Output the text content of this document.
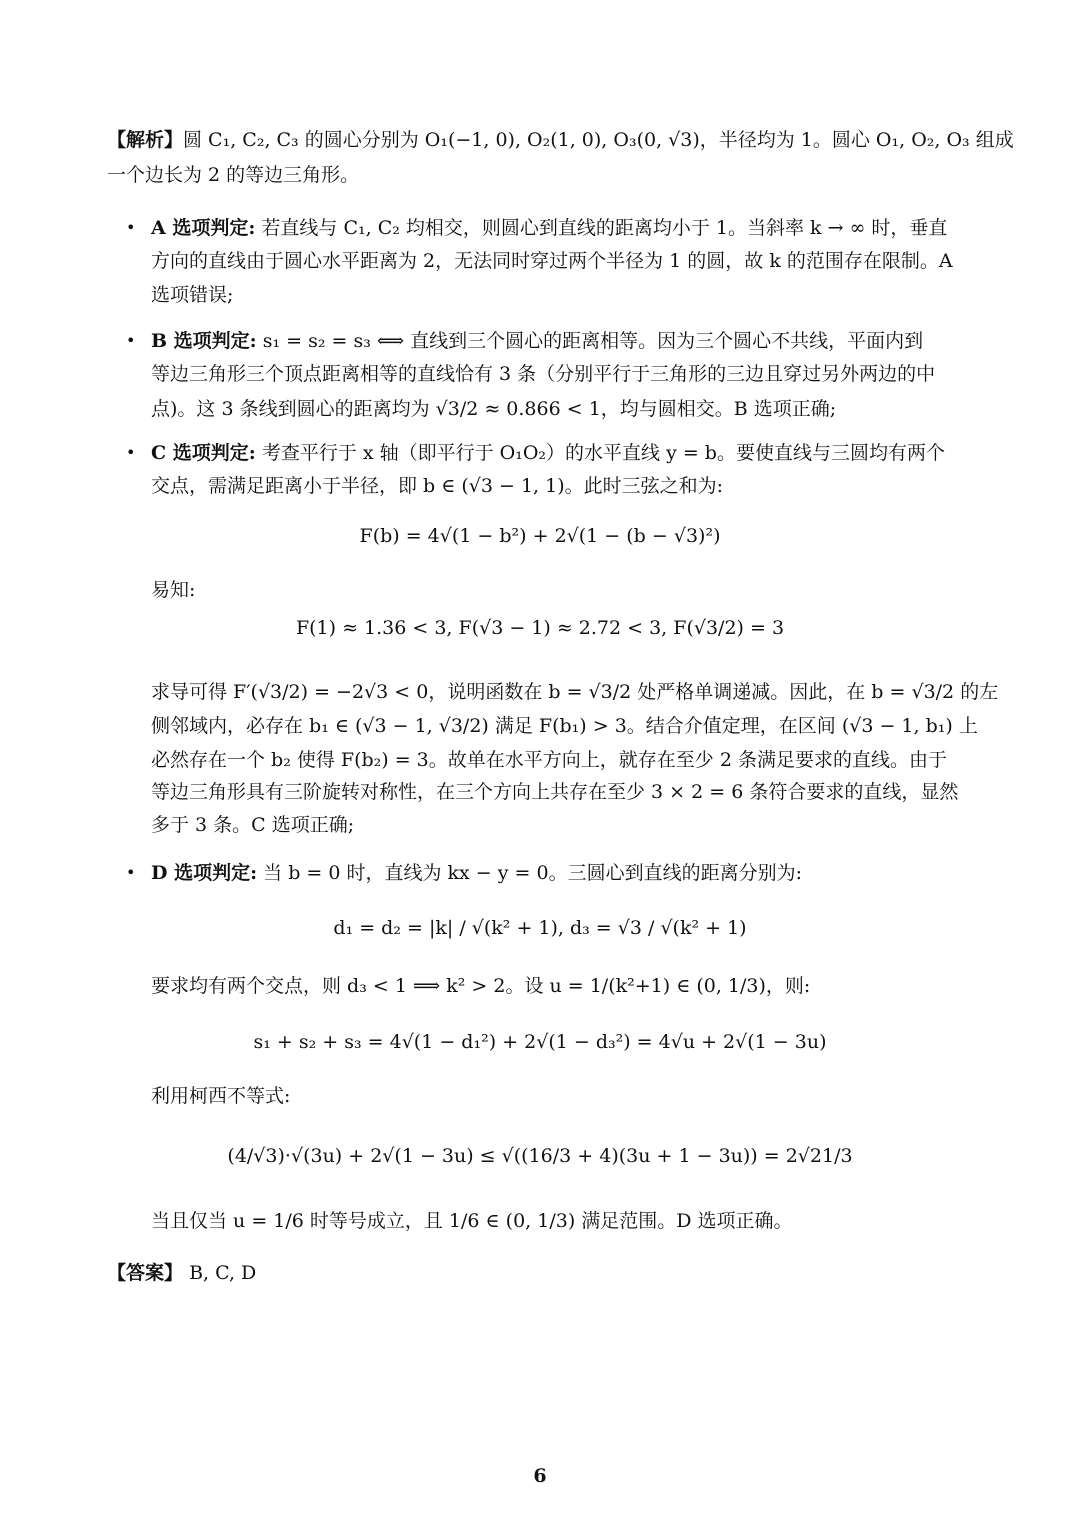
【解析】圆 C₁, C₂, C₃ 的圆心分别为 O₁(−1, 0), O₂(1, 0), O₃(0, √3)，半径均为 1。圆心 O₁, O₂, O₃ 组成
一个边长为 2 的等边三角形。
• A 选项判定: 若直线与 C₁, C₂ 均相交，则圆心到直线的距离均小于 1。当斜率 k → ∞ 时，垂直
方向的直线由于圆心水平距离为 2，无法同时穿过两个半径为 1 的圆，故 k 的范围存在限制。A
选项错误;
• B 选项判定: s₁ = s₂ = s₃ ⟺ 直线到三个圆心的距离相等。因为三个圆心不共线，平面内到
等边三角形三个顶点距离相等的直线恰有 3 条（分别平行于三角形的三边且穿过另外两边的中
点)。这 3 条线到圆心的距离均为 √3/2 ≈ 0.866 < 1，均与圆相交。B 选项正确;
• C 选项判定: 考查平行于 x 轴（即平行于 O₁O₂）的水平直线 y = b。要使直线与三圆均有两个
交点，需满足距离小于半径，即 b ∈ (√3 − 1, 1)。此时三弦之和为:
F(b) = 4√(1 − b²) + 2√(1 − (b − √3)²)
易知:
F(1) ≈ 1.36 < 3, F(√3 − 1) ≈ 2.72 < 3, F(√3/2) = 3
求导可得 F′(√3/2) = −2√3 < 0，说明函数在 b = √3/2 处严格单调递减。因此，在 b = √3/2 的左
侧邻域内，必存在 b₁ ∈ (√3 − 1, √3/2) 满足 F(b₁) > 3。结合介值定理，在区间 (√3 − 1, b₁) 上
必然存在一个 b₂ 使得 F(b₂) = 3。故单在水平方向上，就存在至少 2 条满足要求的直线。由于
等边三角形具有三阶旋转对称性，在三个方向上共存在至少 3 × 2 = 6 条符合要求的直线，显然
多于 3 条。C 选项正确;
• D 选项判定: 当 b = 0 时，直线为 kx − y = 0。三圆心到直线的距离分别为:
d₁ = d₂ = |k| / √(k² + 1), d₃ = √3 / √(k² + 1)
要求均有两个交点，则 d₃ < 1 ⟹ k² > 2。设 u = 1/(k²+1) ∈ (0, 1/3)，则:
s₁ + s₂ + s₃ = 4√(1 − d₁²) + 2√(1 − d₃²) = 4√u + 2√(1 − 3u)
利用柯西不等式:
(4/√3)·√(3u) + 2√(1 − 3u) ≤ √((16/3 + 4)(3u + 1 − 3u)) = 2√21/3
当且仅当 u = 1/6 时等号成立，且 1/6 ∈ (0, 1/3) 满足范围。D 选项正确。
【答案】 B, C, D
6
